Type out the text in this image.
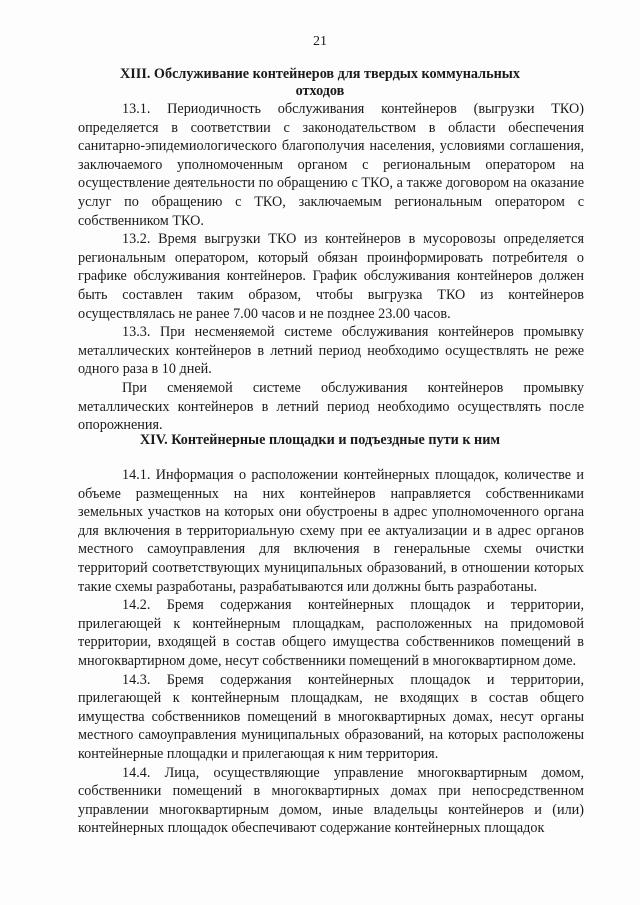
21
XIII. Обслуживание контейнеров для твердых коммунальных
отходов

13.1. Периодичность обслуживания контейнеров (выгрузки ТКО) определяется в соответствии с законодательством в области обеспечения санитарно-эпидемиологического благополучия населения, условиями соглашения, заключаемого уполномоченным органом с региональным оператором на осуществление деятельности по обращению с ТКО, а также договором на оказание услуг по обращению с ТКО, заключаемым региональным оператором с собственником ТКО.

13.2. Время выгрузки ТКО из контейнеров в мусоровозы определяется региональным оператором, который обязан проинформировать потребителя о графике обслуживания контейнеров. График обслуживания контейнеров должен быть составлен таким образом, чтобы выгрузка ТКО из контейнеров осуществлялась не ранее 7.00 часов и не позднее 23.00 часов.

13.3. При несменяемой системе обслуживания контейнеров промывку металлических контейнеров в летний период необходимо осуществлять не реже одного раза в 10 дней.

При сменяемой системе обслуживания контейнеров промывку металлических контейнеров в летний период необходимо осуществлять после опорожнения.

XIV. Контейнерные площадки и подъездные пути к ним

14.1. Информация о расположении контейнерных площадок, количестве и объеме размещенных на них контейнеров направляется собственниками земельных участков на которых они обустроены в адрес уполномоченного органа для включения в территориальную схему при ее актуализации и в адрес органов местного самоуправления для включения в генеральные схемы очистки территорий соответствующих муниципальных образований, в отношении которых такие схемы разработаны, разрабатываются или должны быть разработаны.

14.2. Бремя содержания контейнерных площадок и территории, прилегающей к контейнерным площадкам, расположенных на придомовой территории, входящей в состав общего имущества собственников помещений в многоквартирном доме, несут собственники помещений в многоквартирном доме.

14.3. Бремя содержания контейнерных площадок и территории, прилегающей к контейнерным площадкам, не входящих в состав общего имущества собственников помещений в многоквартирных домах, несут органы местного самоуправления муниципальных образований, на которых расположены контейнерные площадки и прилегающая к ним территория.

14.4. Лица, осуществляющие управление многоквартирным домом, собственники помещений в многоквартирных домах при непосредственном управлении многоквартирным домом, иные владельцы контейнеров и (или) контейнерных площадок обеспечивают содержание контейнерных площадок
